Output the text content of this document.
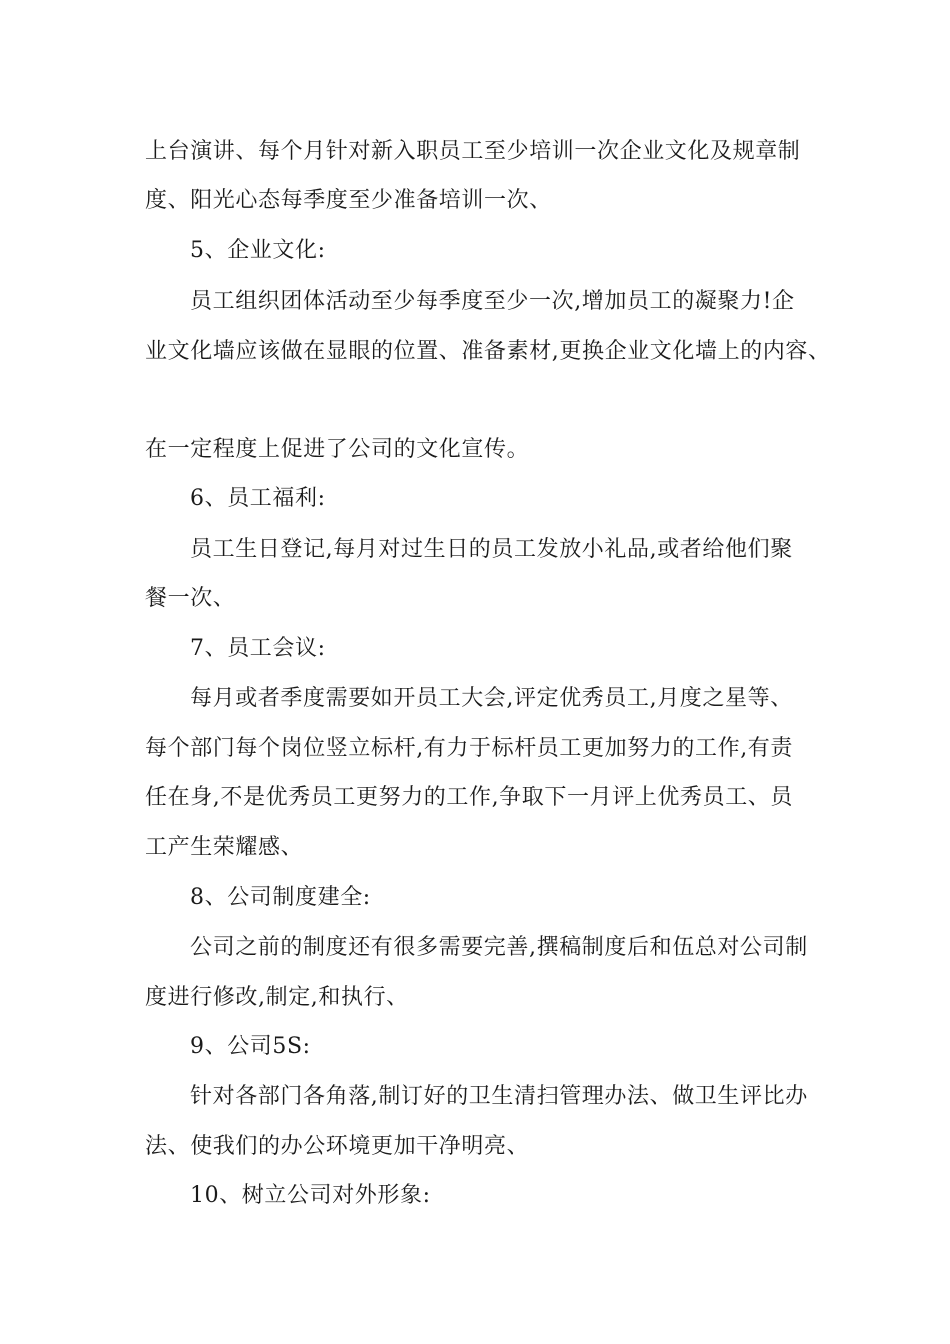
上台演讲、每个月针对新入职员工至少培训一次企业文化及规章制
度、阳光心态每季度至少准备培训一次、
5、企业文化:
员工组织团体活动至少每季度至少一次,增加员工的凝聚力!企
业文化墙应该做在显眼的位置、准备素材,更换企业文化墙上的内容、
在一定程度上促进了公司的文化宣传。
6、员工福利:
员工生日登记,每月对过生日的员工发放小礼品,或者给他们聚
餐一次、
7、员工会议:
每月或者季度需要如开员工大会,评定优秀员工,月度之星等、
每个部门每个岗位竖立标杆,有力于标杆员工更加努力的工作,有责
任在身,不是优秀员工更努力的工作,争取下一月评上优秀员工、员
工产生荣耀感、
8、公司制度建全:
公司之前的制度还有很多需要完善,撰稿制度后和伍总对公司制
度进行修改,制定,和执行、
9、公司5S:
针对各部门各角落,制订好的卫生清扫管理办法、做卫生评比办
法、使我们的办公环境更加干净明亮、
10、树立公司对外形象:
